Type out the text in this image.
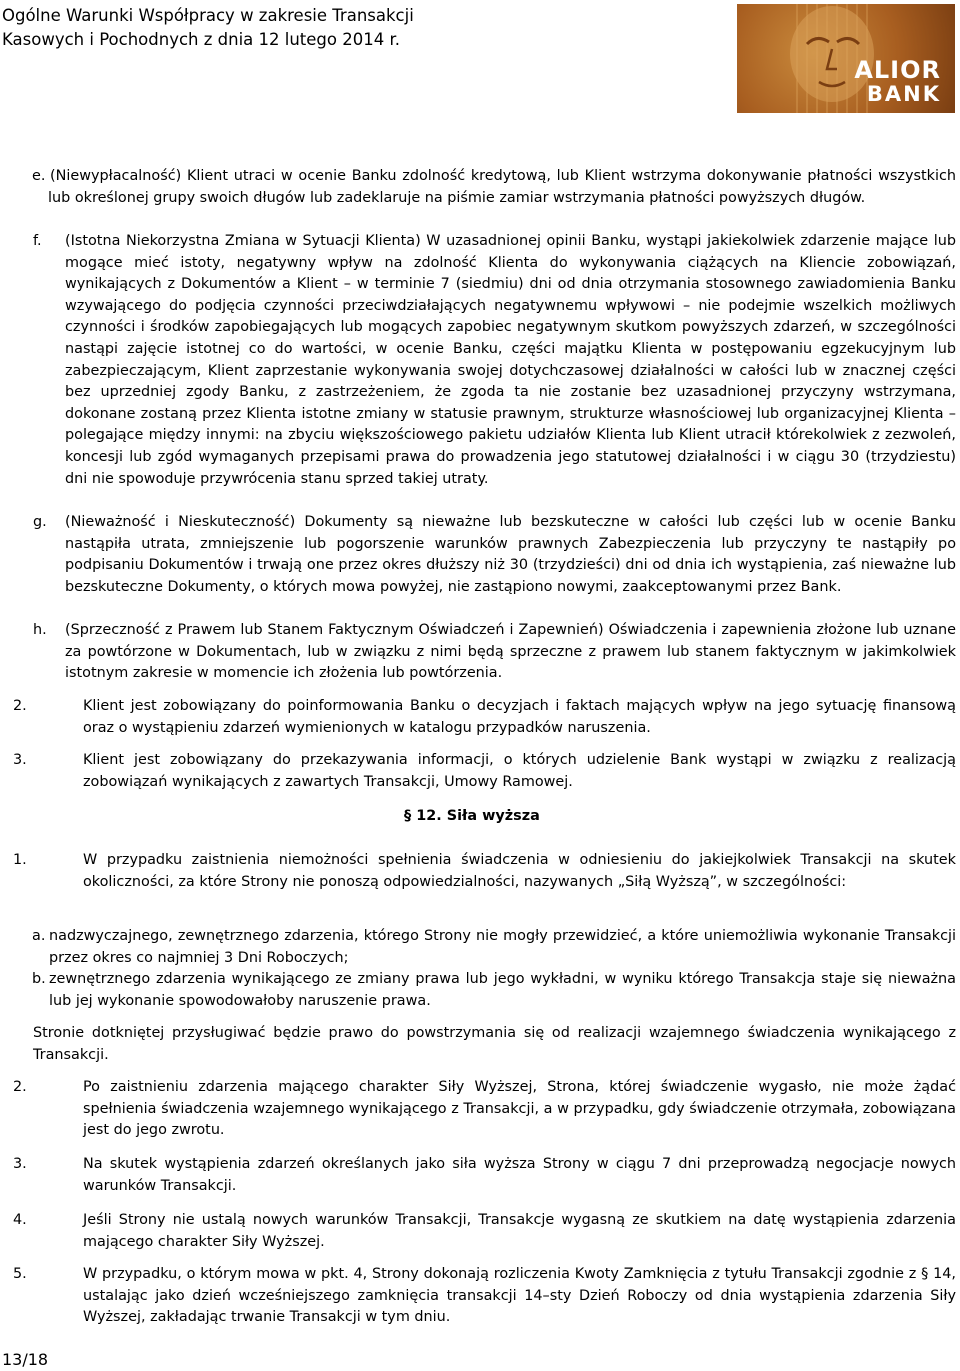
Ogólne Warunki Współpracy w zakresie Transakcji
Kasowych i Pochodnych z dnia 12 lutego 2014 r.
ALIOR
BANK
e. (Niewypłacalność) Klient utraci w ocenie Banku zdolność kredytową, lub Klient wstrzyma dokonywanie płatności wszystkich lub określonej grupy swoich długów lub zadeklaruje na piśmie zamiar wstrzymania płatności powyższych długów.
f. (Istotna Niekorzystna Zmiana w Sytuacji Klienta) W uzasadnionej opinii Banku, wystąpi jakiekolwiek zdarzenie mające lub mogące mieć istoty, negatywny wpływ na zdolność Klienta do wykonywania ciążących na Kliencie zobowiązań, wynikających z Dokumentów a Klient – w terminie 7 (siedmiu) dni od dnia otrzymania stosownego zawiadomienia Banku wzywającego do podjęcia czynności przeciwdziałających negatywnemu wpływowi – nie podejmie wszelkich możliwych czynności i środków zapobiegających lub mogących zapobiec negatywnym skutkom powyższych zdarzeń, w szczególności nastąpi zajęcie istotnej co do wartości, w ocenie Banku, części majątku Klienta w postępowaniu egzekucyjnym lub zabezpieczającym, Klient zaprzestanie wykonywania swojej dotychczasowej działalności w całości lub w znacznej części bez uprzedniej zgody Banku, z zastrzeżeniem, że zgoda ta nie zostanie bez uzasadnionej przyczyny wstrzymana, dokonane zostaną przez Klienta istotne zmiany w statusie prawnym, strukturze własnościowej lub organizacyjnej Klienta – polegające między innymi: na zbyciu większościowego pakietu udziałów Klienta lub Klient utracił którekolwiek z zezwoleń, koncesji lub zgód wymaganych przepisami prawa do prowadzenia jego statutowej działalności i w ciągu 30 (trzydziestu) dni nie spowoduje przywrócenia stanu sprzed takiej utraty.
g. (Nieważność i Nieskuteczność) Dokumenty są nieważne lub bezskuteczne w całości lub części lub w ocenie Banku nastąpiła utrata, zmniejszenie lub pogorszenie warunków prawnych Zabezpieczenia lub przyczyny te nastąpiły po podpisaniu Dokumentów i trwają one przez okres dłuższy niż 30 (trzydzieści) dni od dnia ich wystąpienia, zaś nieważne lub bezskuteczne Dokumenty, o których mowa powyżej, nie zastąpiono nowymi, zaakceptowanymi przez Bank.
h. (Sprzeczność z Prawem lub Stanem Faktycznym Oświadczeń i Zapewnień) Oświadczenia i zapewnienia złożone lub uznane za powtórzone w Dokumentach, lub w związku z nimi będą sprzeczne z prawem lub stanem faktycznym w jakimkolwiek istotnym zakresie w momencie ich złożenia lub powtórzenia.
2.	Klient jest zobowiązany do poinformowania Banku o decyzjach i faktach mających wpływ na jego sytuację finansową oraz o wystąpieniu zdarzeń wymienionych w katalogu przypadków naruszenia.
3.	Klient jest zobowiązany do przekazywania informacji, o których udzielenie Bank wystąpi w związku z realizacją zobowiązań wynikających z zawartych Transakcji, Umowy Ramowej.
§ 12. Siła wyższa
1.	W przypadku zaistnienia niemożności spełnienia świadczenia w odniesieniu do jakiejkolwiek Transakcji na skutek okoliczności, za które Strony nie ponoszą odpowiedzialności, nazywanych „Siłą Wyższą”, w szczególności:
a. nadzwyczajnego, zewnętrznego zdarzenia, którego Strony nie mogły przewidzieć, a które uniemożliwia wykonanie Transakcji przez okres co najmniej 3 Dni Roboczych;
b. zewnętrznego zdarzenia wynikającego ze zmiany prawa lub jego wykładni, w wyniku którego Transakcja staje się nieważna lub jej wykonanie spowodowałoby naruszenie prawa.
Stronie dotkniętej przysługiwać będzie prawo do powstrzymania się od realizacji wzajemnego świadczenia wynikającego z Transakcji.
2.	Po zaistnieniu zdarzenia mającego charakter Siły Wyższej, Strona, której świadczenie wygasło, nie może żądać spełnienia świadczenia wzajemnego wynikającego z Transakcji, a w przypadku, gdy świadczenie otrzymała, zobowiązana jest do jego zwrotu.
3.	Na skutek wystąpienia zdarzeń określanych jako siła wyższa Strony w ciągu 7 dni przeprowadzą negocjacje nowych warunków Transakcji.
4.	Jeśli Strony nie ustalą nowych warunków Transakcji, Transakcje wygasną ze skutkiem na datę wystąpienia zdarzenia mającego charakter Siły Wyższej.
5.	W przypadku, o którym mowa w pkt. 4, Strony dokonają rozliczenia Kwoty Zamknięcia z tytułu Transakcji zgodnie z § 14, ustalając jako dzień wcześniejszego zamknięcia transakcji 14–sty Dzień Roboczy od dnia wystąpienia zdarzenia Siły Wyższej, zakładając trwanie Transakcji w tym dniu.
13/18
